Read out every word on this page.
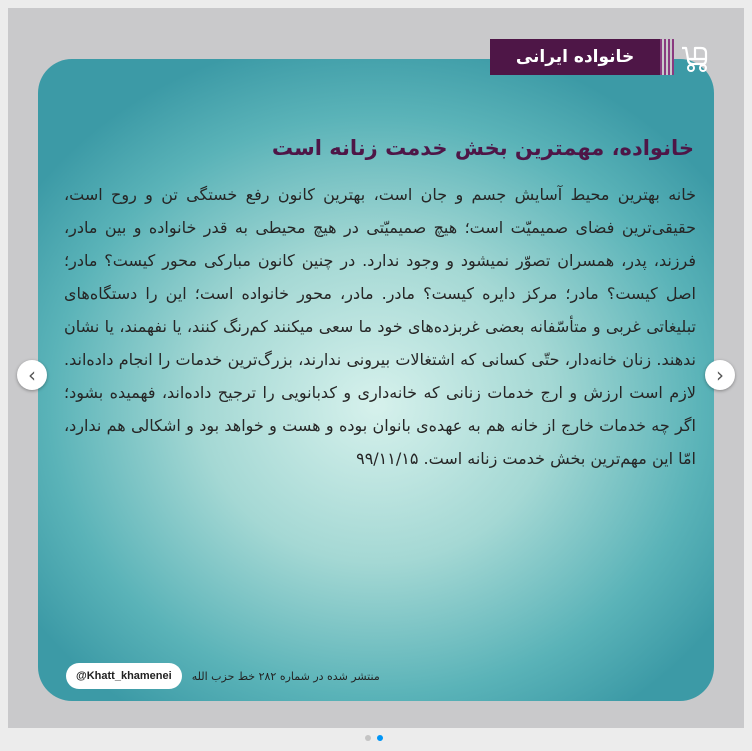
خانواده ایرانی
خانواده، مهمترین بخش خدمت زنانه است
خانه بهترین محیط آسایش جسم و جان است، بهترین کانون رفع خستگی تن و روح است، حقیقی‌ترین فضای صمیمیّت است؛ هیچ صمیمیّتی در هیچ محیطی به قدر خانواده و بین مادر، فرزند، پدر، همسران تصوّر نمیشود و وجود ندارد. در چنین کانون مبارکی محور کیست؟ مادر؛ اصل کیست؟ مادر؛ مرکز دایره کیست؟ مادر. مادر، محور خانواده است؛ این را دستگاه‌های تبلیغاتی غربی و متأسّفانه بعضی غربزده‌های خود ما سعی میکنند کم‌رنگ کنند، یا نفهمند، یا نشان ندهند. زنان خانه‌دار، حتّی کسانی که اشتغالات بیرونی ندارند، بزرگ‌ترین خدمات را انجام داده‌اند. لازم است ارزش و ارج خدمات زنانی که خانه‌داری و کدبانویی را ترجیح داده‌اند، فهمیده بشود؛ اگر چه خدمات خارج از خانه هم به عهده‌ی بانوان بوده و هست و خواهد بود و اشکالی هم ندارد، امّا این مهم‌ترین بخش خدمت زنانه است. ۹۹/۱۱/۱۵
@Khatt_khamenei	منتشر شده در شماره ۲۸۲ خط حزب الله
‹	›
